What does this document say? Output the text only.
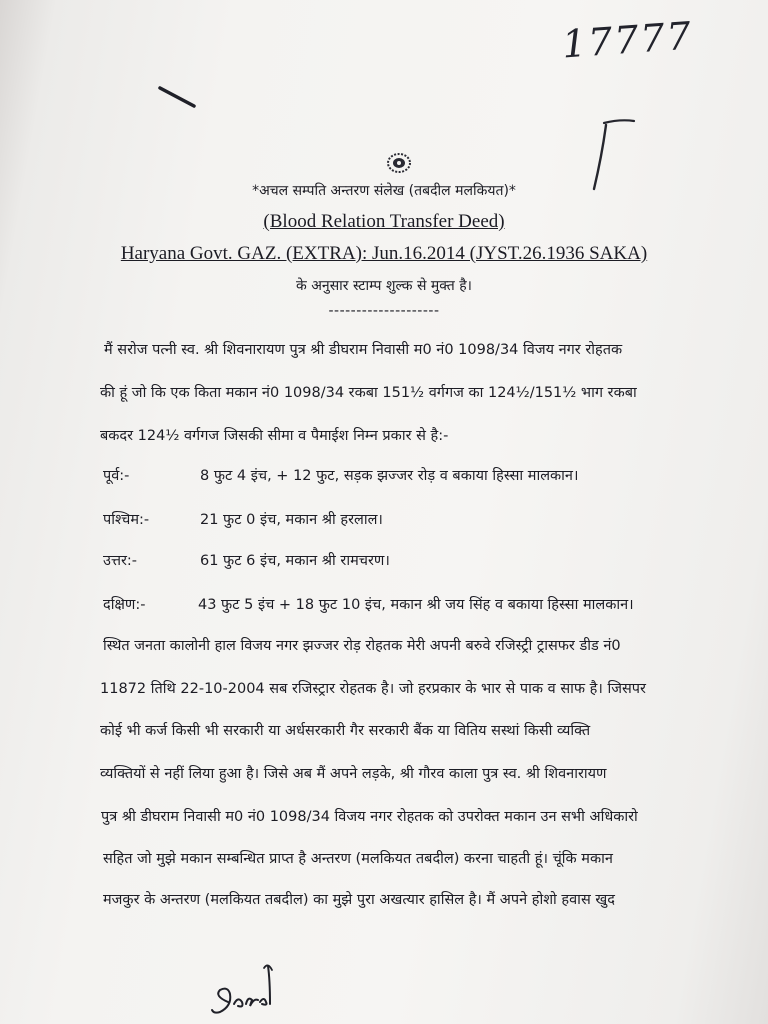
17777
*अचल सम्पति अन्तरण संलेख (तबदील मलकियत)*
(Blood Relation Transfer Deed)
Haryana Govt. GAZ. (EXTRA): Jun.16.2014 (JYST.26.1936 SAKA)
के अनुसार स्टाम्प शुल्क से मुक्त है।
--------------------
मैं सरोज पत्नी स्व. श्री शिवनारायण पुत्र श्री डीघराम निवासी म0 नं0 1098/34 विजय नगर रोहतक
की हूं जो कि एक किता मकान नं0 1098/34 रकबा 151½ वर्गगज का 124½/151½ भाग रकबा
बकदर 124½ वर्गगज जिसकी सीमा व पैमाईश निम्न प्रकार से है:-
पूर्व:-	8 फुट 4 इंच, + 12 फुट, सड़क झज्जर रोड़ व बकाया हिस्सा मालकान।
पश्चिम:-	21 फुट 0 इंच, मकान श्री हरलाल।
उत्तर:-	61 फुट 6 इंच, मकान श्री रामचरण।
दक्षिण:-	43 फुट 5 इंच + 18 फुट 10 इंच, मकान श्री जय सिंह व बकाया हिस्सा मालकान।
स्थित जनता कालोनी हाल विजय नगर झज्जर रोड़ रोहतक मेरी अपनी बरुवे रजिस्ट्री ट्रासफर डीड नं0
11872 तिथि 22-10-2004 सब रजिस्ट्रार रोहतक है। जो हरप्रकार के भार से पाक व साफ है। जिसपर
कोई भी कर्ज किसी भी सरकारी या अर्धसरकारी गैर सरकारी बैंक या वितिय सस्थां किसी व्यक्ति
व्यक्तियों से नहीं लिया हुआ है। जिसे अब मैं अपने लड़के, श्री गौरव काला पुत्र स्व. श्री शिवनारायण
पुत्र श्री डीघराम निवासी म0 नं0 1098/34 विजय नगर रोहतक को उपरोक्त मकान उन सभी अधिकारो
सहित जो मुझे मकान सम्बन्धित प्राप्त है अन्तरण (मलकियत तबदील) करना चाहती हूं। चूंकि मकान
मजकुर के अन्तरण (मलकियत तबदील) का मुझे पुरा अखत्यार हासिल है। मैं अपने होशो हवास खुद
